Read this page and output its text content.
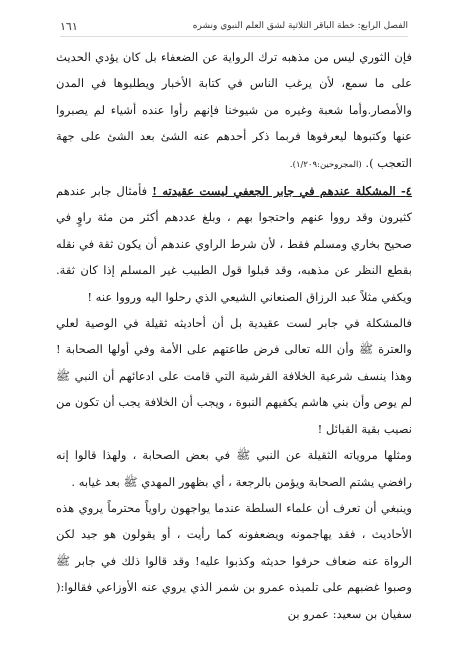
الفصل الرابع: خطة الباقر الثلاثية لشق العلم النبوي ونشره
١٦١

فإن الثوري ليس من مذهبه ترك الرواية عن الضعفاء بل كان يؤدي الحديث على ما سمع، لأن يرغب الناس في كتابة الأخبار ويطلبوها في المدن والأمصار.وأما شعبة وغيره من شيوخنا فإنهم رأوا عنده أشياء لم يصبروا عنها وكتبوها ليعرفوها فربما ذكر أحدهم عنه الشئ بعد الشئ على جهة التعجب ). (المجروحين:١/٢٠٩).

٤- المشكلة عندهم في جابر الجعفي ليست عقيدته ! فأمثال جابر عندهم كثيرون وقد رووا عنهم واحتجوا بهم ، وبلغ عددهم أكثر من مئة راوٍ في صحيح بخاري ومسلم فقط ، لأن شرط الراوي عندهم أن يكون ثقة في نقله بقطع النظر عن مذهبه، وقد قبلوا قول الطبيب غير المسلم إذا كان ثقة. ويكفي مثلاً عبد الرزاق الصنعاني الشيعي الذي رحلوا اليه ورووا عنه !

فالمشكلة في جابر لست عقيدية بل أن أحاديثه ثقيلة في الوصية لعلي والعترة ﷺ وأن الله تعالى فرض طاعتهم على الأمة وفي أولها الصحابة ! وهذا ينسف شرعية الخلافة القرشية التي قامت على ادعائهم أن النبي ﷺ لم يوص وأن بني هاشم يكفيهم النبوة ، ويجب أن الخلافة يجب أن تكون من نصيب بقية القبائل !

ومثلها مروياته الثقيلة عن النبي ﷺ في بعض الصحابة ، ولهذا قالوا إنه رافضي يشتم الصحابة ويؤمن بالرجعة ، أي بظهور المهدي ﷺ بعد غيابه .

وينبغي أن تعرف أن علماء السلطة عندما يواجهون راوياً محترماً يروي هذه الأحاديث ، فقد يهاجمونه ويضعفونه كما رأيت ، أو يقولون هو جيد لكن الرواة عنه ضعاف حرفوا حديثه وكذبوا عليه! وقد قالوا ذلك في جابر ﷺ وصبوا غضبهم على تلميذه عمرو بن شمر الذي يروي عنه الأوزاعي فقالوا:( سفيان بن سعيد: عمرو بن
